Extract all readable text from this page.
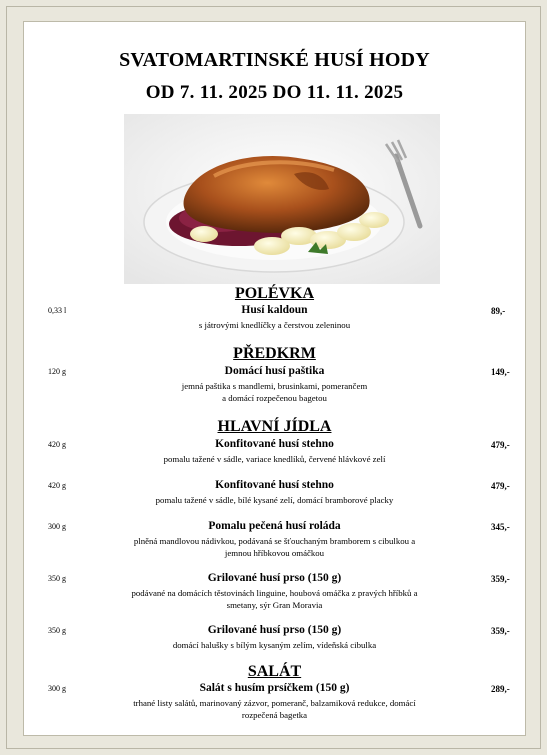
SVATOMARTINSKÉ HUSÍ HODY
OD 7. 11. 2025 DO 11. 11. 2025
POLÉVKA
0,33 l	Husí kaldoun
s játrovými knedlíčky a čerstvou zeleninou
89,-
PŘEDKRM
120 g	Domácí husí paštika
jemná paštika s mandlemi, brusinkami, pomerančem
a domácí rozpečenou bagetou
149,-
HLAVNÍ JÍDLA
420 g	Konfitované husí stehno
pomalu tažené v sádle, variace knedlíků, červené hlávkové zelí
479,-
420 g	Konfitované husí stehno
pomalu tažené v sádle, bílé kysané zelí, domácí bramborové placky
479,-
300 g	Pomalu pečená husí roláda
plněná mandlovou nádivkou, podávaná se šťouchaným bramborem s cibulkou a
jemnou hříbkovou omáčkou
345,-
350 g	Grilované husí prso (150 g)
podávané na domácích těstovinách linguine, houbová omáčka z pravých hříbků a
smetany, sýr Gran Moravia
359,-
350 g	Grilované husí prso (150 g)
domácí halušky s bílým kysaným zelím, vídeňská cibulka
359,-
SALÁT
300 g	Salát s husím prsíčkem (150 g)
trhané listy salátů, marinovaný zázvor, pomeranč, balzamiková redukce, domácí
rozpečená bagetka
289,-
